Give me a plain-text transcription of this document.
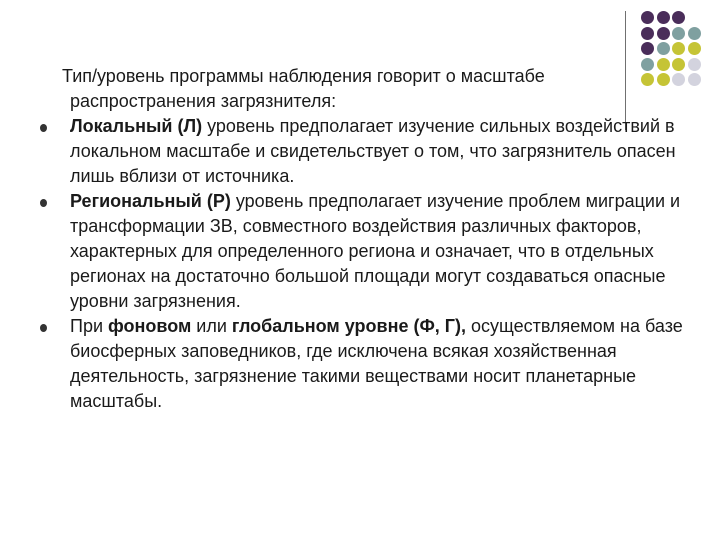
Тип/уровень программы наблюдения говорит о масштабе
распространения загрязнителя:
Локальный (Л) уровень предполагает изучение сильных воздействий в локальном масштабе и свидетельствует о том, что загрязнитель опасен лишь вблизи от источника.
Региональный (Р) уровень предполагает изучение проблем миграции и трансформации ЗВ, совместного воздействия различных факторов, характерных для определенного региона и означает, что в отдельных регионах на достаточно большой площади могут создаваться опасные уровни загрязнения.
При фоновом или глобальном уровне (Ф, Г), осуществляемом на базе биосферных заповедников, где исключена всякая хозяйственная деятельность, загрязнение такими веществами носит планетарные масштабы.
